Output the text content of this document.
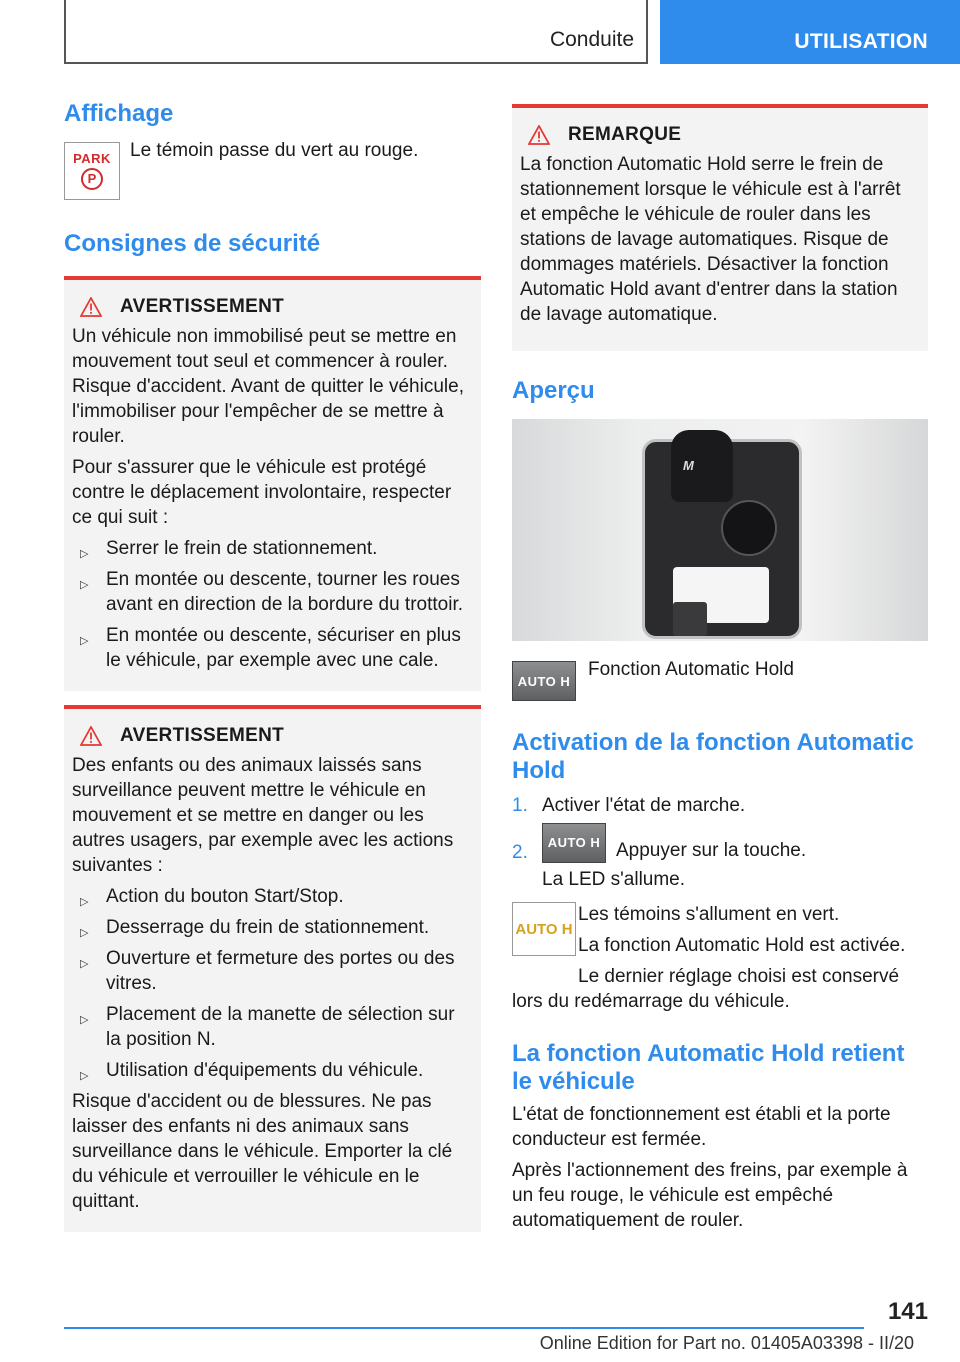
Conduite	UTILISATION
Affichage
PARK
P

Le témoin passe du vert au rouge.

Consignes de sécurité
AVERTISSEMENT

Un véhicule non immobilisé peut se mettre en mouvement tout seul et commencer à rouler. Risque d'accident. Avant de quitter le véhicule, l'immobiliser pour l'empêcher de se mettre à rouler.

Pour s'assurer que le véhicule est protégé contre le déplacement involontaire, respecter ce qui suit :

▷ Serrer le frein de stationnement.
▷ En montée ou descente, tourner les roues avant en direction de la bordure du trottoir.
▷ En montée ou descente, sécuriser en plus le véhicule, par exemple avec une cale.
AVERTISSEMENT

Des enfants ou des animaux laissés sans surveillance peuvent mettre le véhicule en mouvement et se mettre en danger ou les autres usagers, par exemple avec les actions suivantes :

▷ Action du bouton Start/Stop.
▷ Desserrage du frein de stationnement.
▷ Ouverture et fermeture des portes ou des vitres.
▷ Placement de la manette de sélection sur la position N.
▷ Utilisation d'équipements du véhicule.

Risque d'accident ou de blessures. Ne pas laisser des enfants ni des animaux sans surveillance dans le véhicule. Emporter la clé du véhicule et verrouiller le véhicule en le quittant.

REMARQUE

La fonction Automatic Hold serre le frein de stationnement lorsque le véhicule est à l'arrêt et empêche le véhicule de rouler dans les stations de lavage automatiques. Risque de dommages matériels. Désactiver la fonction Automatic Hold avant d'entrer dans la station de lavage automatique.

Aperçu
M
AUTO H

Fonction Automatic Hold

Activation de la fonction Automatic Hold
1. Activer l'état de marche.
2.	AUTO H Appuyer sur la touche.

La LED s'allume.

AUTO H

Les témoins s'allument en vert.

La fonction Automatic Hold est activée.

Le dernier réglage choisi est conservé lors du redémarrage du véhicule.

La fonction Automatic Hold retient le véhicule

L'état de fonctionnement est établi et la porte conducteur est fermée.

Après l'actionnement des freins, par exemple à un feu rouge, le véhicule est empêché automatiquement de rouler.

141
Online Edition for Part no. 01405A03398 - II/20
